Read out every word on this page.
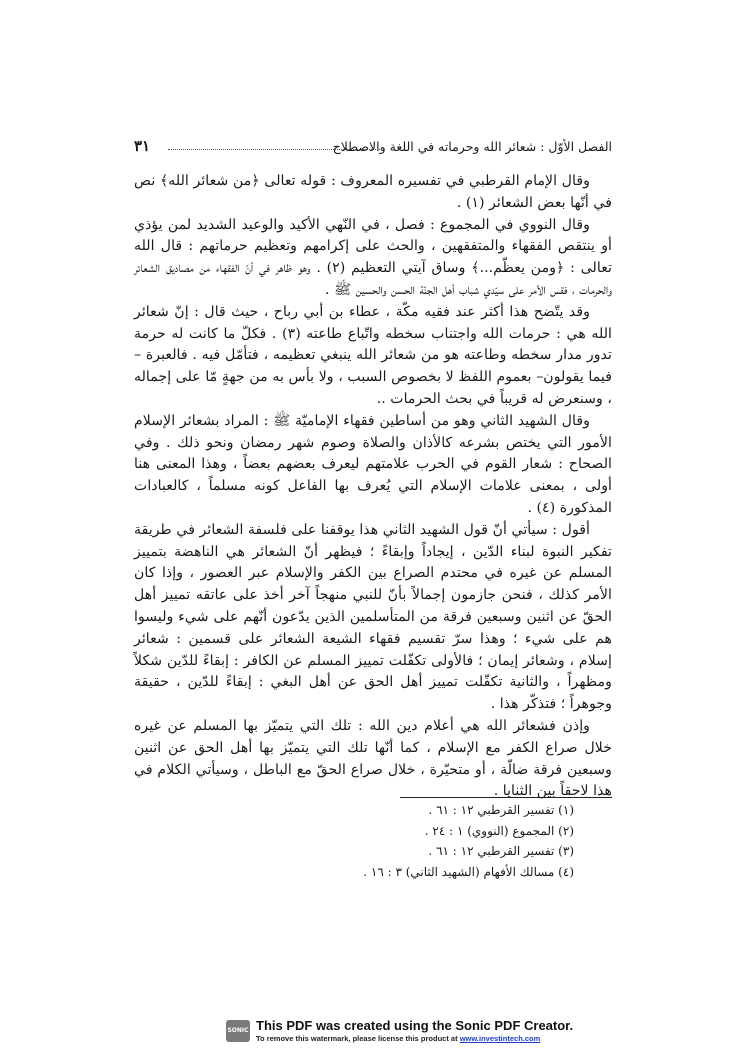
الفصل الأوّل : شعائر الله وحرماته في اللغة والاصطلاح
٣١

وقال الإمام القرطبي في تفسيره المعروف : قوله تعالى ﴿من شعائر الله﴾ نص في أنّها بعض الشعائر (١) .

وقال النووي في المجموع : فصل ، في النّهي الأكيد والوعيد الشديد لمن يؤذي أو ينتقص الفقهاء والمتفقهين ، والحث على إكرامهم وتعظيم حرماتهم : قال الله تعالى : ﴿ومن يعظّم...﴾ وساق آيتي التعظيم (٢) . وهو ظاهر في أنّ الفقهاء من مصاديق الشعائر والحرمات ، فقس الأمر على سيّدي شباب أهل الجنّة الحسن والحسين ﷺ .

وقد يتّضح هذا أكثر عند فقيه مكّة ، عطاء بن أبي رباح ، حيث قال : إنّ شعائر الله هي : حرمات الله واجتناب سخطه واتّباع طاعته (٣) . فكلّ ما كانت له حرمة تدور مدار سخطه وطاعته هو من شعائر الله ينبغي تعظيمه ، فتأمّل فيه . فالعبرة –فيما يقولون– بعموم اللفظ لا بخصوص السبب ، ولا بأس به من جهةٍ مّا على إجماله ، وسنعرض له قريباً في بحث الحرمات ..

وقال الشهيد الثاني وهو من أساطين فقهاء الإماميّة ﷺ : المراد بشعائر الإسلام الأمور التي يختص بشرعه كالأذان والصلاة وصوم شهر رمضان ونحو ذلك . وفي الصحاح : شعار القوم في الحرب علامتهم ليعرف بعضهم بعضاً ، وهذا المعنى هنا أولى ، بمعنى علامات الإسلام التي يُعرف بها الفاعل كونه مسلماً ، كالعبادات المذكورة (٤) .

أقول : سيأتي أنّ قول الشهيد الثاني هذا يوقفنا على فلسفة الشعائر في طريقة تفكير النبوة لبناء الدّين ، إيجاداً وإبقاءً ؛ فيظهر أنّ الشعائر هي الناهضة بتمييز المسلم عن غيره في محتدم الصراع بين الكفر والإسلام عبر العصور ، وإذا كان الأمر كذلك ، فنحن جازمون إجمالاً بأنّ للنبي منهجاً آخر أخذ على عاتقه تمييز أهل الحقّ عن اثنين وسبعين فرقة من المتأسلمين الذين يدّعون أنّهم على شيء وليسوا هم على شيء ؛ وهذا سرّ تقسيم فقهاء الشيعة الشعائر على قسمين : شعائر إسلام ، وشعائر إيمان ؛ فالأولى تكفّلت تمييز المسلم عن الكافر : إبقاءً للدّين شكلاً ومظهراً ، والثانية تكفّلت تمييز أهل الحق عن أهل البغي : إبقاءً للدّين ، حقيقة وجوهراً ؛ فتذكّر هذا .

وإذن فشعائر الله هي أعلام دين الله : تلك التي يتميّز بها المسلم عن غيره خلال صراع الكفر مع الإسلام ، كما أنّها تلك التي يتميّز بها أهل الحق عن اثنين وسبعين فرقة ضالّة ، أو متحيّرة ، خلال صراع الحقّ مع الباطل ، وسيأتي الكلام في هذا لاحقاً بين الثنايا .

(١) تفسير القرطبي ١٢ : ٦١ .

(٢) المجموع (النووي) ١ : ٢٤ .

(٣) تفسير القرطبي ١٢ : ٦١ .

(٤) مسالك الأفهام (الشهيد الثاني) ٣ : ١٦ .

SONIC PDF
This PDF was created using the Sonic PDF Creator.
To remove this watermark, please license this product at www.investintech.com
